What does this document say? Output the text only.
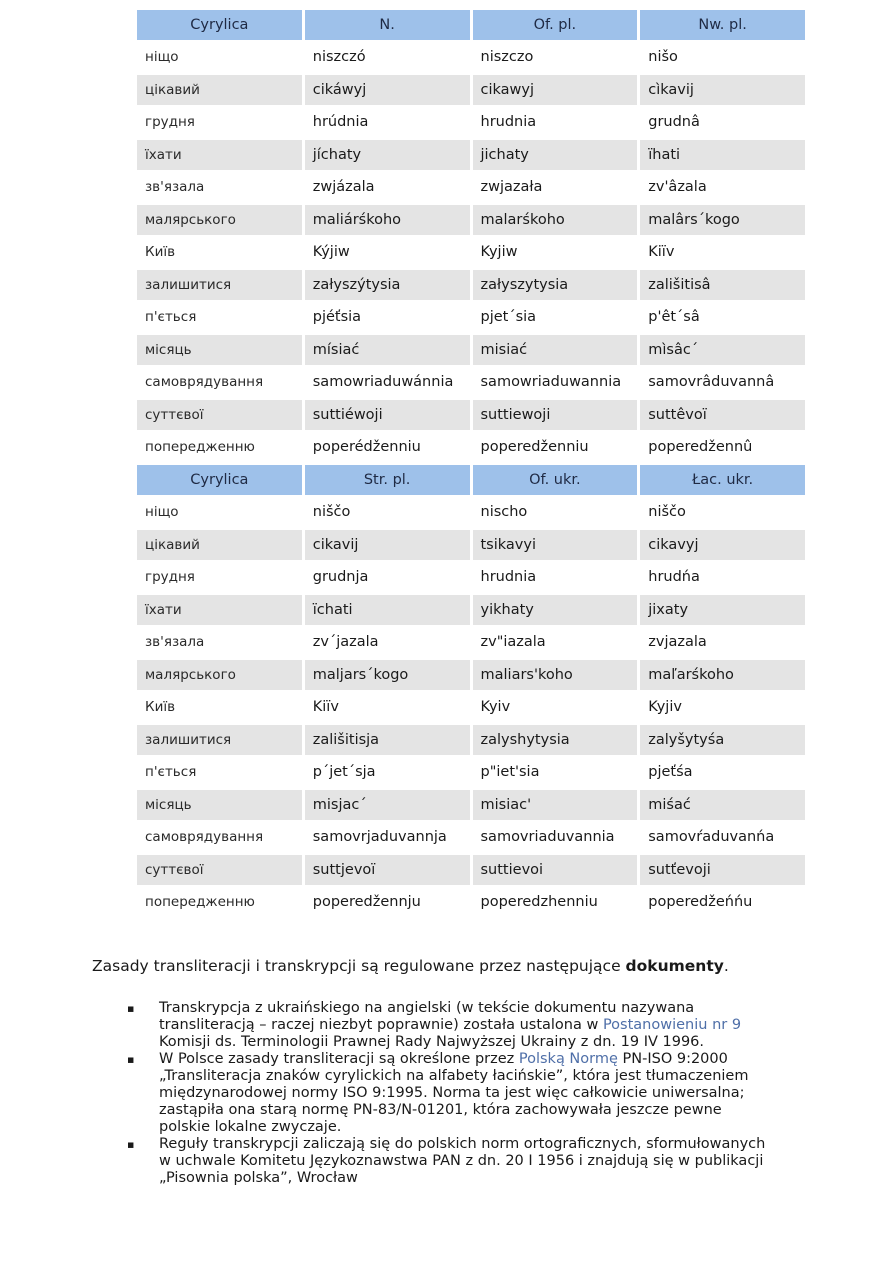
Cyrylica	N.	Of. pl.	Nw. pl.
ніщо	niszczó	niszczo	nišo
цікавий	cikáwyj	cikawyj	cìkavij
грудня	hrúdnia	hrudnia	grudnâ
їхати	jíchaty	jichaty	ïhati
зв'язала	zwjázala	zwjazała	zv'âzala
малярського	maliárśkoho	malarśkoho	malârs´kogo
Київ	Kýjiw	Kyjiw	Kiïv
залишитися	załyszýtysia	załyszytysia	zališitisâ
п'ється	pjéťsia	pjet´sia	p'êt´sâ
місяць	mísiać	misiać	mìsâc´
самоврядування	samowriaduwánnia	samowriaduwannia	samovrâduvannâ
суттєвої	suttiéwoji	suttiewoji	suttêvoï
попередженню	poperédženniu	poperedženniu	poperedžennû
Cyrylica	Str. pl.	Of. ukr.	Łac. ukr.
ніщо	niščo	nischo	niščo
цікавий	cikavij	tsikavyi	cikavyj
грудня	grudnja	hrudnia	hrudńa
їхати	ïchati	yikhaty	jixaty
зв'язала	zv´jazala	zv"iazala	zvjazala
малярського	maljars´kogo	maliars'koho	maľarśkoho
Київ	Kiïv	Kyiv	Kyjiv
залишитися	zališitisja	zalyshytysia	zalyšytyśa
п'ється	p´jet´sja	p"iet'sia	pjeťśa
місяць	misjac´	misiac'	miśać
самоврядування	samovrjaduvannja	samovriaduvannia	samovŕaduvanńa
суттєвої	suttjevoï	suttievoi	sutťevoji
попередженню	poperedžennju	poperedzhenniu	poperedžeńńu
Zasady transliteracji i transkrypcji są regulowane przez następujące dokumenty.
▪ Transkrypcja z ukraińskiego na angielski (w tekście dokumentu nazywana transliteracją – raczej niezbyt poprawnie) została ustalona w Postanowieniu nr 9 Komisji ds. Terminologii Prawnej Rady Najwyższej Ukrainy z dn. 19 IV 1996.
▪ W Polsce zasady transliteracji są określone przez Polską Normę PN-ISO 9:2000 „Transliteracja znaków cyrylickich na alfabety łacińskie”, która jest tłumaczeniem międzynarodowej normy ISO 9:1995. Norma ta jest więc całkowicie uniwersalna; zastąpiła ona starą normę PN-83/N-01201, która zachowywała jeszcze pewne polskie lokalne zwyczaje.
▪ Reguły transkrypcji zaliczają się do polskich norm ortograficznych, sformułowanych w uchwale Komitetu Językoznawstwa PAN z dn. 20 I 1956 i znajdują się w publikacji „Pisownia polska”, Wrocław
